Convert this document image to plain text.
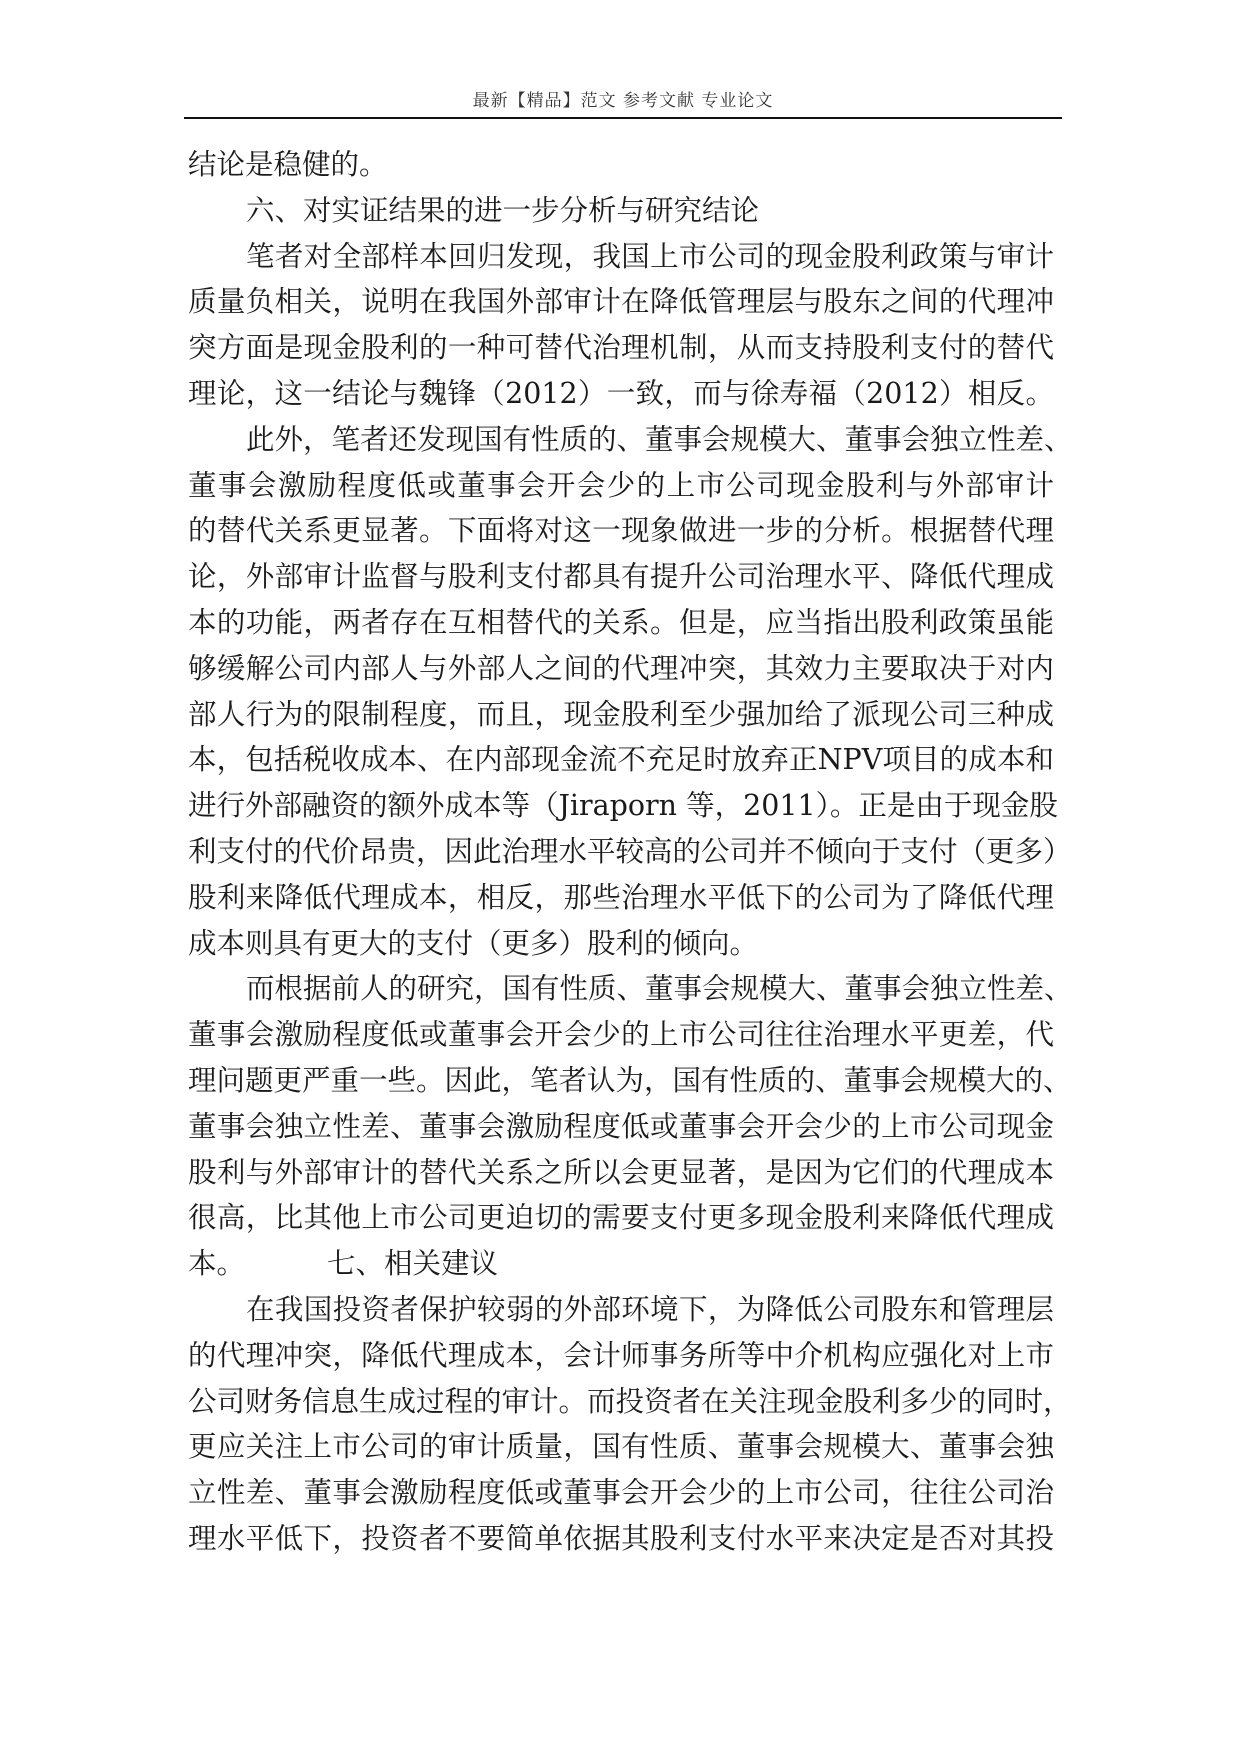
最新【精品】范文 参考文献 专业论文
结论是稳健的。
六、对实证结果的进一步分析与研究结论
笔者对全部样本回归发现，我国上市公司的现金股利政策与审计
质量负相关，说明在我国外部审计在降低管理层与股东之间的代理冲
突方面是现金股利的一种可替代治理机制，从而支持股利支付的替代
理论，这一结论与魏锋（2012）一致，而与徐寿福（2012）相反。
此外，笔者还发现国有性质的、董事会规模大、董事会独立性差、
董事会激励程度低或董事会开会少的上市公司现金股利与外部审计
的替代关系更显著。下面将对这一现象做进一步的分析。根据替代理
论，外部审计监督与股利支付都具有提升公司治理水平、降低代理成
本的功能，两者存在互相替代的关系。但是，应当指出股利政策虽能
够缓解公司内部人与外部人之间的代理冲突，其效力主要取决于对内
部人行为的限制程度，而且，现金股利至少强加给了派现公司三种成
本，包括税收成本、在内部现金流不充足时放弃正NPV项目的成本和
进行外部融资的额外成本等（Jiraporn 等，2011）。正是由于现金股
利支付的代价昂贵，因此治理水平较高的公司并不倾向于支付（更多）
股利来降低代理成本，相反，那些治理水平低下的公司为了降低代理
成本则具有更大的支付（更多）股利的倾向。
而根据前人的研究，国有性质、董事会规模大、董事会独立性差、
董事会激励程度低或董事会开会少的上市公司往往治理水平更差，代
理问题更严重一些。因此，笔者认为，国有性质的、董事会规模大的、
董事会独立性差、董事会激励程度低或董事会开会少的上市公司现金
股利与外部审计的替代关系之所以会更显著，是因为它们的代理成本
很高，比其他上市公司更迫切的需要支付更多现金股利来降低代理成
本。	七、相关建议
在我国投资者保护较弱的外部环境下，为降低公司股东和管理层
的代理冲突，降低代理成本，会计师事务所等中介机构应强化对上市
公司财务信息生成过程的审计。而投资者在关注现金股利多少的同时，
更应关注上市公司的审计质量，国有性质、董事会规模大、董事会独
立性差、董事会激励程度低或董事会开会少的上市公司，往往公司治
理水平低下，投资者不要简单依据其股利支付水平来决定是否对其投
